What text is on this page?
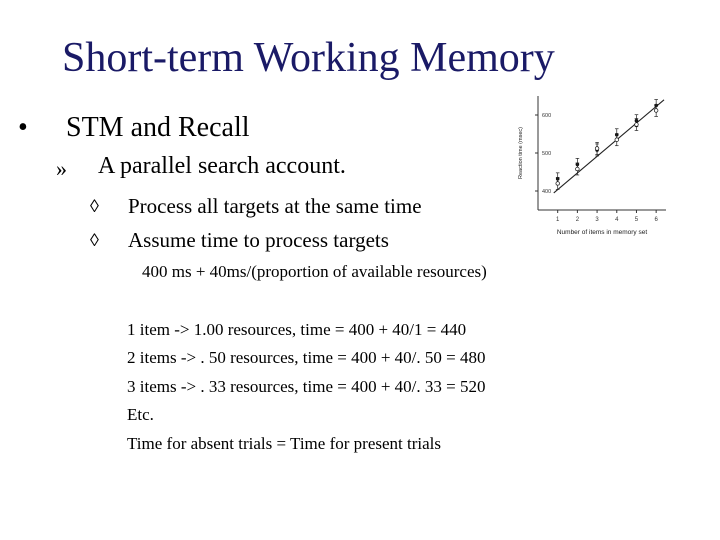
Short-term Working Memory
• STM and Recall
» A parallel search account.
◊ Process all targets at the same time
◊ Assume time to process targets
400 ms + 40ms/(proportion of available resources)
1 item -> 1.00 resources, time = 400 + 40/1 = 440
2 items -> . 50 resources, time = 400 + 40/. 50 = 480
3 items -> . 33 resources, time = 400 + 40/. 33 = 520
Etc.
Time for absent trials = Time for present trials
400
500
600
1	2	3	4	5	6
Number of items in memory set
Reaction time (msec)
